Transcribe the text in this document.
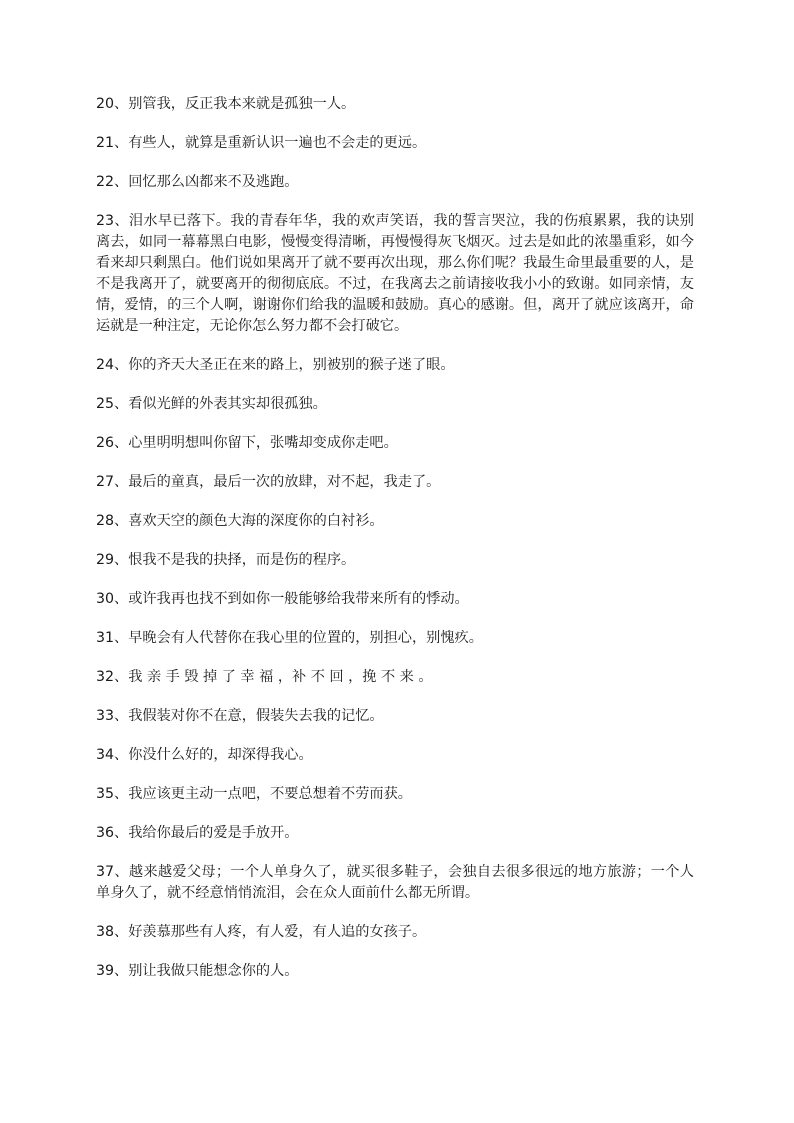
20、别管我，反正我本来就是孤独一人。

21、有些人，就算是重新认识一遍也不会走的更远。

22、回忆那么凶都来不及逃跑。

23、泪水早已落下。我的青春年华，我的欢声笑语，我的誓言哭泣，我的伤痕累累，我的诀别离去，如同一幕幕黑白电影，慢慢变得清晰，再慢慢得灰飞烟灭。过去是如此的浓墨重彩，如今看来却只剩黑白。他们说如果离开了就不要再次出现，那么你们呢？我最生命里最重要的人，是不是我离开了，就要离开的彻彻底底。不过，在我离去之前请接收我小小的致谢。如同亲情，友情，爱情，的三个人啊，谢谢你们给我的温暖和鼓励。真心的感谢。但，离开了就应该离开，命运就是一种注定，无论你怎么努力都不会打破它。

24、你的齐天大圣正在来的路上，别被别的猴子迷了眼。

25、看似光鲜的外表其实却很孤独。

26、心里明明想叫你留下，张嘴却变成你走吧。

27、最后的童真，最后一次的放肆，对不起，我走了。

28、喜欢天空的颜色大海的深度你的白衬衫。

29、恨我不是我的抉择，而是伤的程序。

30、或许我再也找不到如你一般能够给我带来所有的悸动。

31、早晚会有人代替你在我心里的位置的，别担心，别愧疚。

32、我 亲 手 毁 掉 了 幸 福 ，补 不 回 ，挽 不 来 。

33、我假装对你不在意，假装失去我的记忆。

34、你没什么好的，却深得我心。

35、我应该更主动一点吧，不要总想着不劳而获。

36、我给你最后的爱是手放开。

37、越来越爱父母；一个人单身久了，就买很多鞋子，会独自去很多很远的地方旅游；一个人单身久了，就不经意悄悄流泪，会在众人面前什么都无所谓。

38、好羡慕那些有人疼，有人爱，有人追的女孩子。

39、别让我做只能想念你的人。
